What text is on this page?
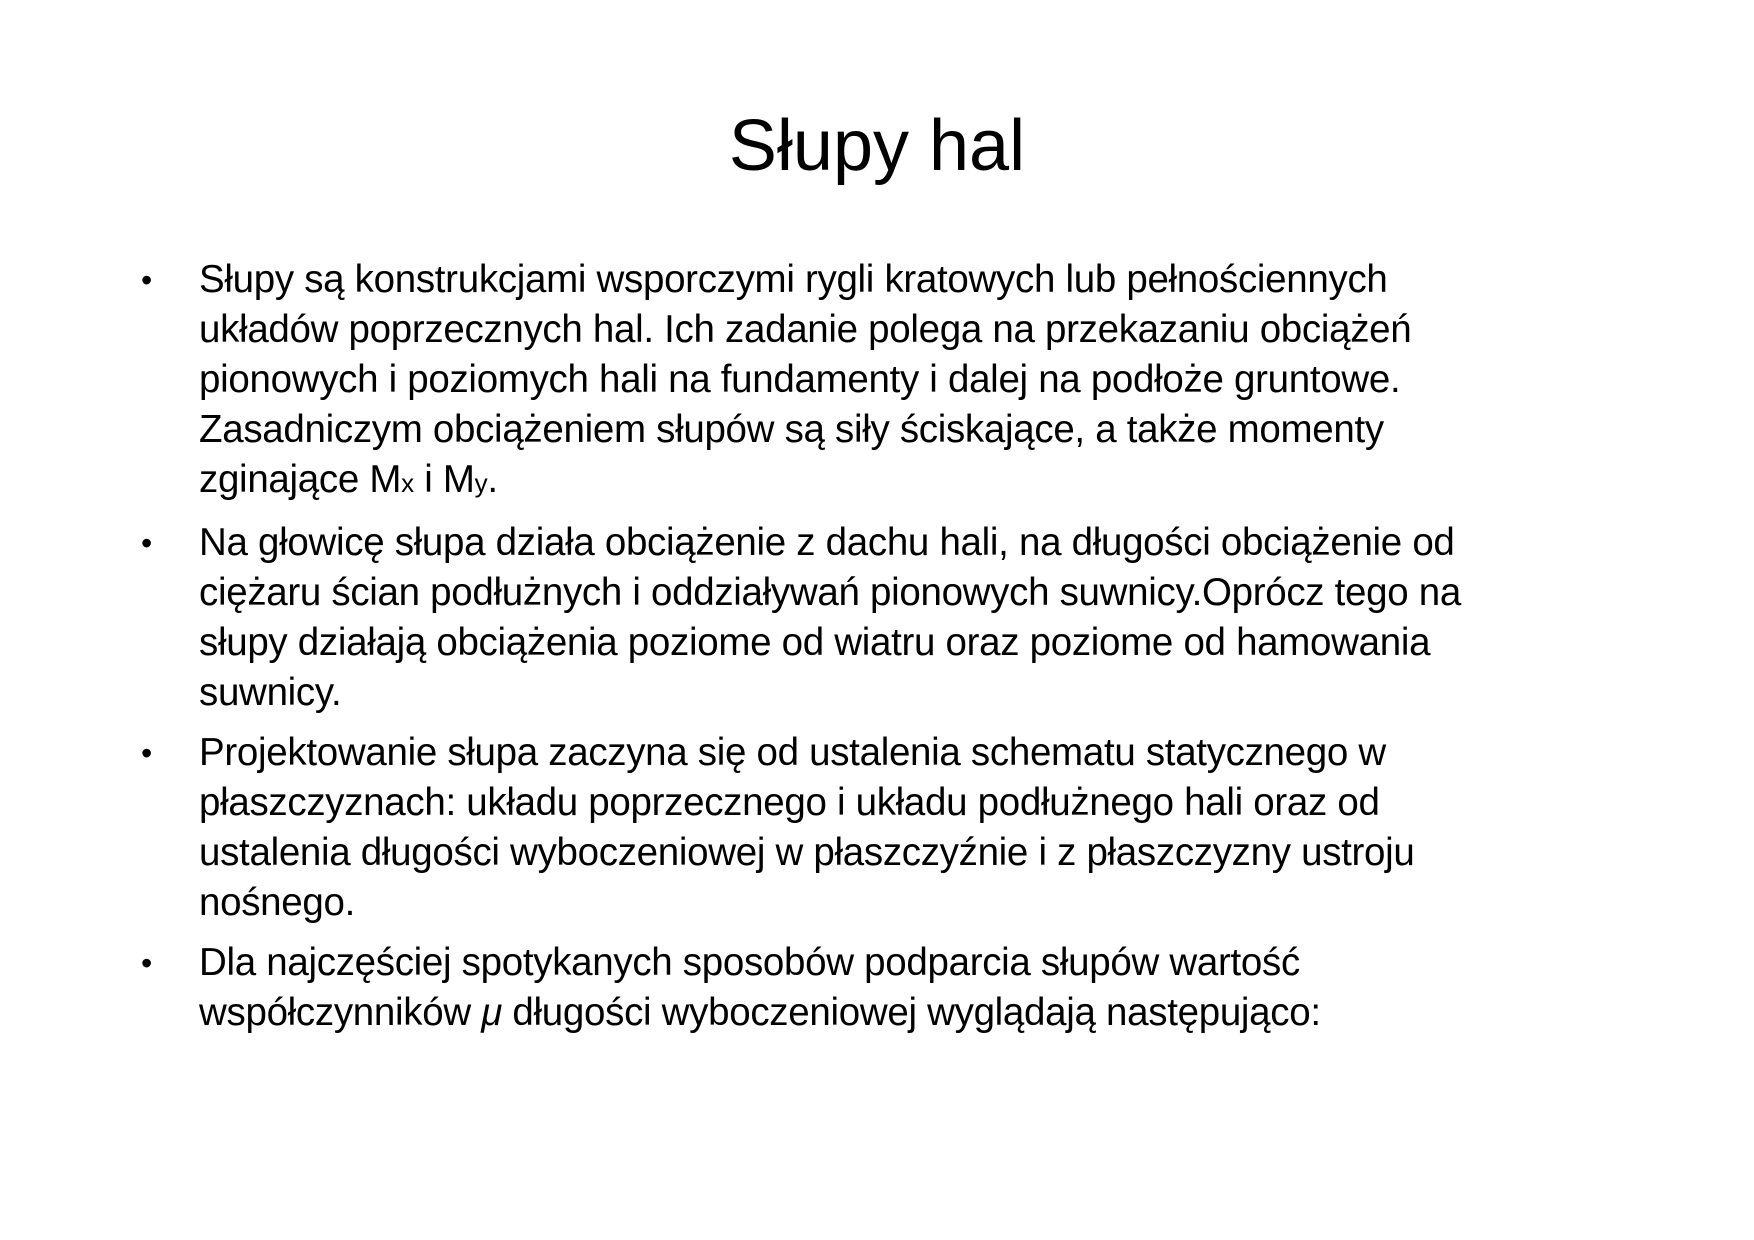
Słupy hal
• Słupy są konstrukcjami wsporczymi rygli kratowych lub pełnościennych
układów poprzecznych hal. Ich zadanie polega na przekazaniu obciążeń
pionowych i poziomych hali na fundamenty i dalej na podłoże gruntowe.
Zasadniczym obciążeniem słupów są siły ściskające, a także momenty
zginające Mx i My.
• Na głowicę słupa działa obciążenie z dachu hali, na długości obciążenie od
ciężaru ścian podłużnych i oddziaływań pionowych suwnicy.Oprócz tego na
słupy działają obciążenia poziome od wiatru oraz poziome od hamowania
suwnicy.
• Projektowanie słupa zaczyna się od ustalenia schematu statycznego w
płaszczyznach: układu poprzecznego i układu podłużnego hali oraz od
ustalenia długości wyboczeniowej w płaszczyźnie i z płaszczyzny ustroju
nośnego.
• Dla najczęściej spotykanych sposobów podparcia słupów wartość
współczynników μ długości wyboczeniowej wyglądają następująco:
